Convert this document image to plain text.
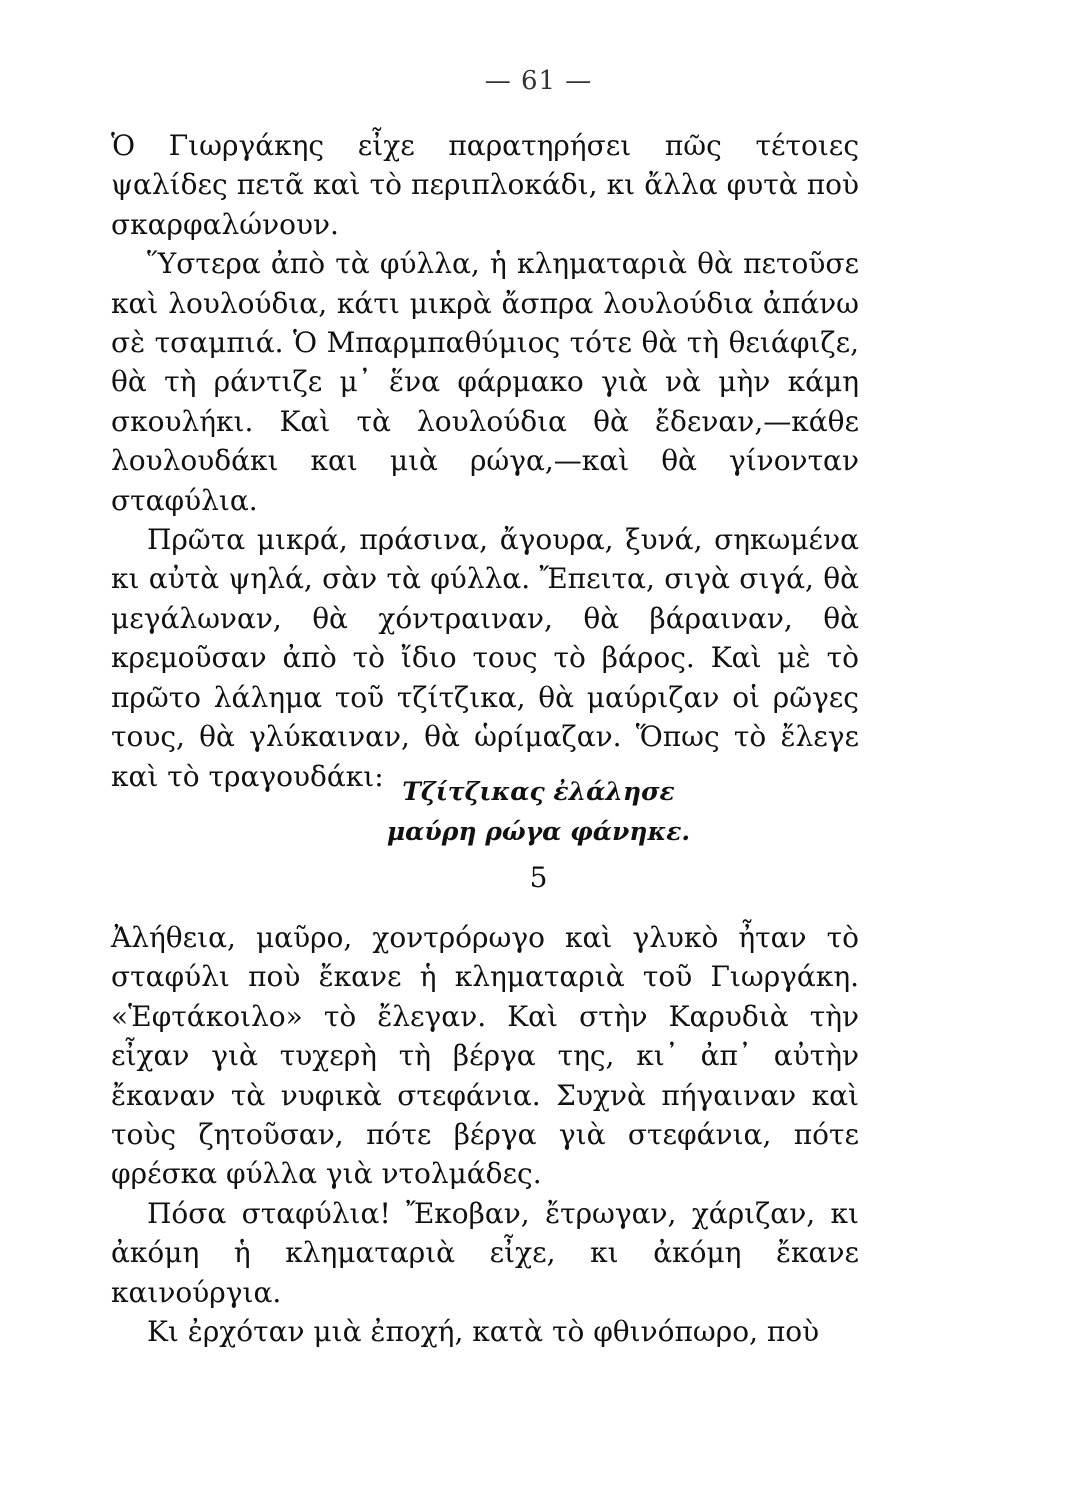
— 61 —

Ὁ Γιωργάκης εἶχε παρατηρήσει πῶς τέτοιες ψαλίδες πετᾶ καὶ τὸ περιπλοκάδι, κι ἄλλα φυτὰ ποὺ σκαρφαλώνουν.

Ὕστερα ἀπὸ τὰ φύλλα, ἡ κληματαριὰ θὰ πετοῦσε καὶ λουλούδια, κάτι μικρὰ ἄσπρα λουλούδια ἀπάνω σὲ τσαμπιά. Ὁ Μπαρμπαθύμιος τότε θὰ τὴ θειάφιζε, θὰ τὴ ράντιζε μ᾽ ἕνα φάρμακο γιὰ νὰ μὴν κάμη σκουλήκι. Καὶ τὰ λουλούδια θὰ ἔδεναν,—κάθε λουλουδάκι και μιὰ ρώγα,—καὶ θὰ γίνονταν σταφύλια.

Πρῶτα μικρά, πράσινα, ἄγουρα, ξυνά, σηκωμένα κι αὐτὰ ψηλά, σὰν τὰ φύλλα. Ἔπειτα, σιγὰ σιγά, θὰ μεγάλωναν, θὰ χόντραιναν, θὰ βάραιναν, θὰ κρεμοῦσαν ἀπὸ τὸ ἴδιο τους τὸ βάρος. Καὶ μὲ τὸ πρῶτο λάλημα τοῦ τζίτζικα, θὰ μαύριζαν οἱ ρῶγες τους, θὰ γλύκαιναν, θὰ ὡρίμαζαν. Ὅπως τὸ ἔλεγε καὶ τὸ τραγουδάκι: Τζίτζικας ἐλάλησε
μαύρη ρώγα φάνηκε.
5

Ἀλήθεια, μαῦρο, χοντρόρωγο καὶ γλυκὸ ἦταν τὸ σταφύλι ποὺ ἔκανε ἡ κληματαριὰ τοῦ Γιωργάκη. «Ἑφτάκοιλο» τὸ ἔλεγαν. Καὶ στὴν Καρυδιὰ τὴν εἶχαν γιὰ τυχερὴ τὴ βέργα της, κι᾽ ἀπ᾽ αὐτὴν ἔκαναν τὰ νυφικὰ στεφάνια. Συχνὰ πήγαιναν καὶ τοὺς ζητοῦσαν, πότε βέργα γιὰ στεφάνια, πότε φρέσκα φύλλα γιὰ ντολμάδες.

Πόσα σταφύλια! Ἔκοβαν, ἔτρωγαν, χάριζαν, κι ἀκόμη ἡ κληματαριὰ εἶχε, κι ἀκόμη ἔκανε καινούργια.

Κι ἐρχόταν μιὰ ἐποχή, κατὰ τὸ φθινόπωρο, ποὺ
